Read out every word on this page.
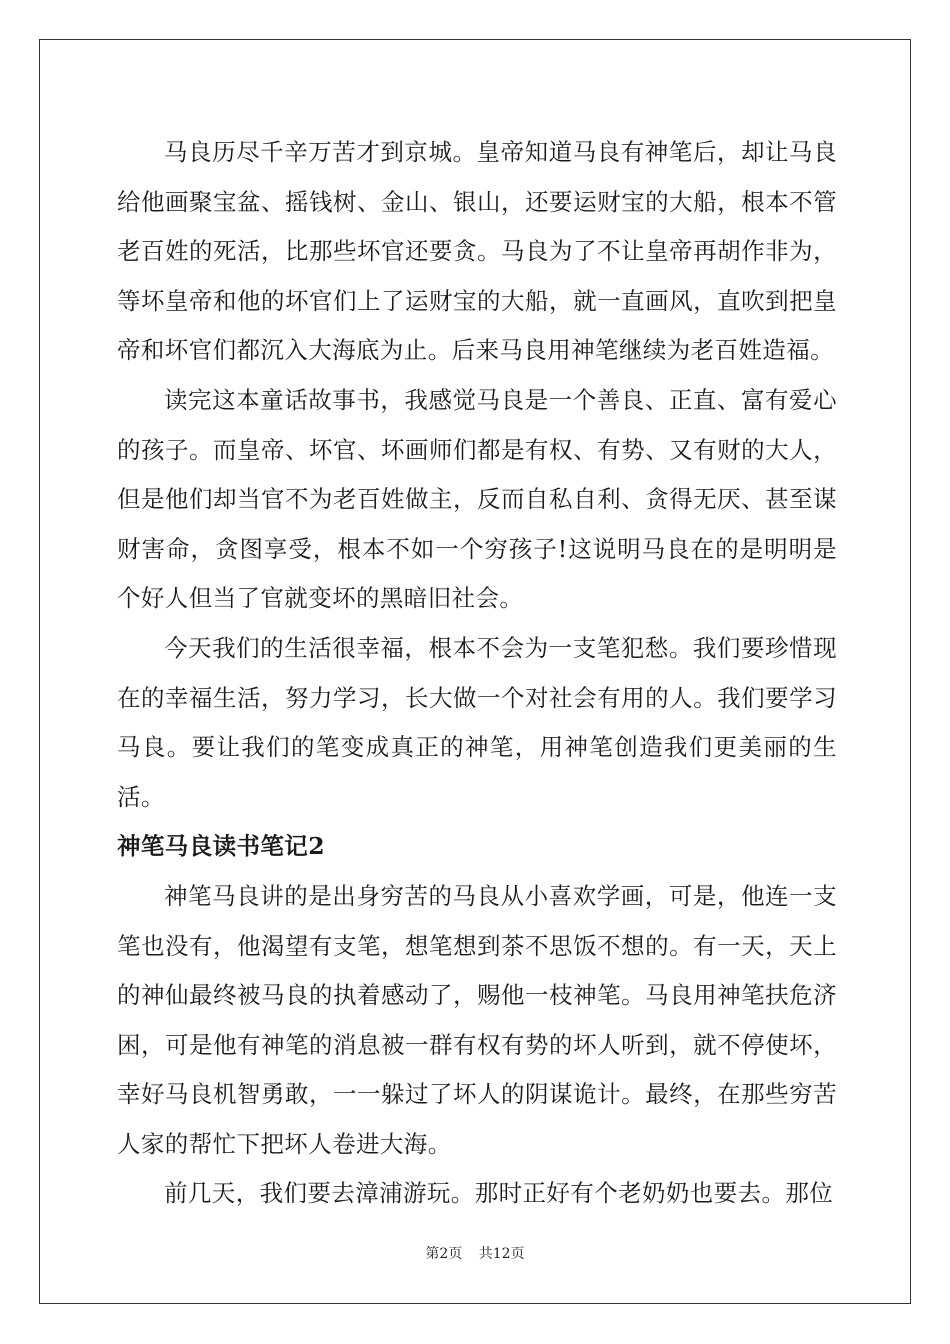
马良历尽千辛万苦才到京城。皇帝知道马良有神笔后，却让马良给他画聚宝盆、摇钱树、金山、银山，还要运财宝的大船，根本不管老百姓的死活，比那些坏官还要贪。马良为了不让皇帝再胡作非为，等坏皇帝和他的坏官们上了运财宝的大船，就一直画风，直吹到把皇帝和坏官们都沉入大海底为止。后来马良用神笔继续为老百姓造福。

读完这本童话故事书，我感觉马良是一个善良、正直、富有爱心的孩子。而皇帝、坏官、坏画师们都是有权、有势、又有财的大人，但是他们却当官不为老百姓做主，反而自私自利、贪得无厌、甚至谋财害命，贪图享受，根本不如一个穷孩子!这说明马良在的是明明是个好人但当了官就变坏的黑暗旧社会。

今天我们的生活很幸福，根本不会为一支笔犯愁。我们要珍惜现在的幸福生活，努力学习，长大做一个对社会有用的人。我们要学习马良。要让我们的笔变成真正的神笔，用神笔创造我们更美丽的生活。

神笔马良读书笔记2

神笔马良讲的是出身穷苦的马良从小喜欢学画，可是，他连一支笔也没有，他渴望有支笔，想笔想到茶不思饭不想的。有一天，天上的神仙最终被马良的执着感动了，赐他一枝神笔。马良用神笔扶危济困，可是他有神笔的消息被一群有权有势的坏人听到，就不停使坏，幸好马良机智勇敢，一一躲过了坏人的阴谋诡计。最终，在那些穷苦人家的帮忙下把坏人卷进大海。

前几天，我们要去漳浦游玩。那时正好有个老奶奶也要去。那位

第2页 共12页
